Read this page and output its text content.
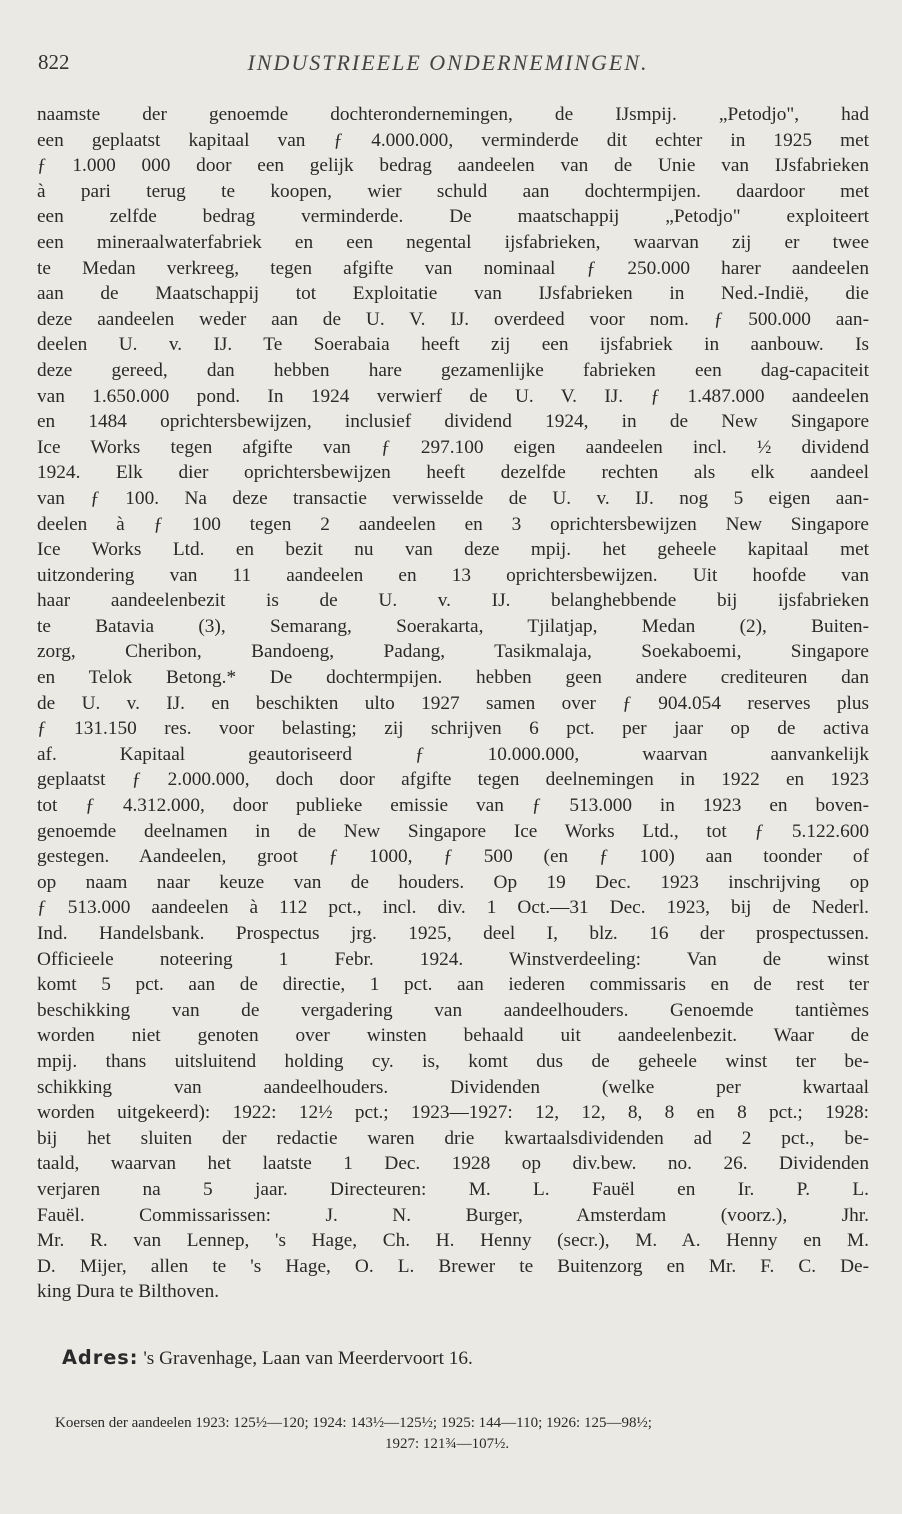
822	INDUSTRIEELE ONDERNEMINGEN.
naamste der genoemde dochterondernemingen, de IJsmpij. „Petodjo", had
een geplaatst kapitaal van ƒ 4.000.000, verminderde dit echter in 1925 met
ƒ 1.000 000 door een gelijk bedrag aandeelen van de Unie van IJsfabrieken
à pari terug te koopen, wier schuld aan dochtermpijen. daardoor met
een zelfde bedrag verminderde. De maatschappij „Petodjo" exploiteert
een mineraalwaterfabriek en een negental ijsfabrieken, waarvan zij er twee
te Medan verkreeg, tegen afgifte van nominaal ƒ 250.000 harer aandeelen
aan de Maatschappij tot Exploitatie van IJsfabrieken in Ned.-Indië, die
deze aandeelen weder aan de U. V. IJ. overdeed voor nom. ƒ 500.000 aan-
deelen U. v. IJ. Te Soerabaia heeft zij een ijsfabriek in aanbouw. Is
deze gereed, dan hebben hare gezamenlijke fabrieken een dag-capaciteit
van 1.650.000 pond. In 1924 verwierf de U. V. IJ. ƒ 1.487.000 aandeelen
en 1484 oprichtersbewijzen, inclusief dividend 1924, in de New Singapore
Ice Works tegen afgifte van ƒ 297.100 eigen aandeelen incl. ½ dividend
1924. Elk dier oprichtersbewijzen heeft dezelfde rechten als elk aandeel
van ƒ 100. Na deze transactie verwisselde de U. v. IJ. nog 5 eigen aan-
deelen à ƒ 100 tegen 2 aandeelen en 3 oprichtersbewijzen New Singapore
Ice Works Ltd. en bezit nu van deze mpij. het geheele kapitaal met
uitzondering van 11 aandeelen en 13 oprichtersbewijzen. Uit hoofde van
haar aandeelenbezit is de U. v. IJ. belanghebbende bij ijsfabrieken
te Batavia (3), Semarang, Soerakarta, Tjilatjap, Medan (2), Buiten-
zorg, Cheribon, Bandoeng, Padang, Tasikmalaja, Soekaboemi, Singapore
en Telok Betong.* De dochtermpijen. hebben geen andere crediteuren dan
de U. v. IJ. en beschikten ulto 1927 samen over ƒ 904.054 reserves plus
ƒ 131.150 res. voor belasting; zij schrijven 6 pct. per jaar op de activa
af. Kapitaal geautoriseerd ƒ 10.000.000, waarvan aanvankelijk
geplaatst ƒ 2.000.000, doch door afgifte tegen deelnemingen in 1922 en 1923
tot ƒ 4.312.000, door publieke emissie van ƒ 513.000 in 1923 en boven-
genoemde deelnamen in de New Singapore Ice Works Ltd., tot ƒ 5.122.600
gestegen. Aandeelen, groot ƒ 1000, ƒ 500 (en ƒ 100) aan toonder of
op naam naar keuze van de houders. Op 19 Dec. 1923 inschrijving op
ƒ 513.000 aandeelen à 112 pct., incl. div. 1 Oct.—31 Dec. 1923, bij de Nederl.
Ind. Handelsbank. Prospectus jrg. 1925, deel I, blz. 16 der prospectussen.
Officieele noteering 1 Febr. 1924. Winstverdeeling: Van de winst
komt 5 pct. aan de directie, 1 pct. aan iederen commissaris en de rest ter
beschikking van de vergadering van aandeelhouders. Genoemde tantièmes
worden niet genoten over winsten behaald uit aandeelenbezit. Waar de
mpij. thans uitsluitend holding cy. is, komt dus de geheele winst ter be-
schikking van aandeelhouders. Dividenden (welke per kwartaal
worden uitgekeerd): 1922: 12½ pct.; 1923—1927: 12, 12, 8, 8 en 8 pct.; 1928:
bij het sluiten der redactie waren drie kwartaalsdividenden ad 2 pct., be-
taald, waarvan het laatste 1 Dec. 1928 op div.bew. no. 26. Dividenden
verjaren na 5 jaar. Directeuren: M. L. Fauël en Ir. P. L.
Fauël. Commissarissen: J. N. Burger, Amsterdam (voorz.), Jhr.
Mr. R. van Lennep, 's Hage, Ch. H. Henny (secr.), M. A. Henny en M.
D. Mijer, allen te 's Hage, O. L. Brewer te Buitenzorg en Mr. F. C. De-
king Dura te Bilthoven.
Adres: 's Gravenhage, Laan van Meerdervoort 16.
Koersen der aandeelen 1923: 125½—120; 1924: 143½—125½; 1925: 144—110; 1926: 125—98½;
1927: 121¾—107½.
